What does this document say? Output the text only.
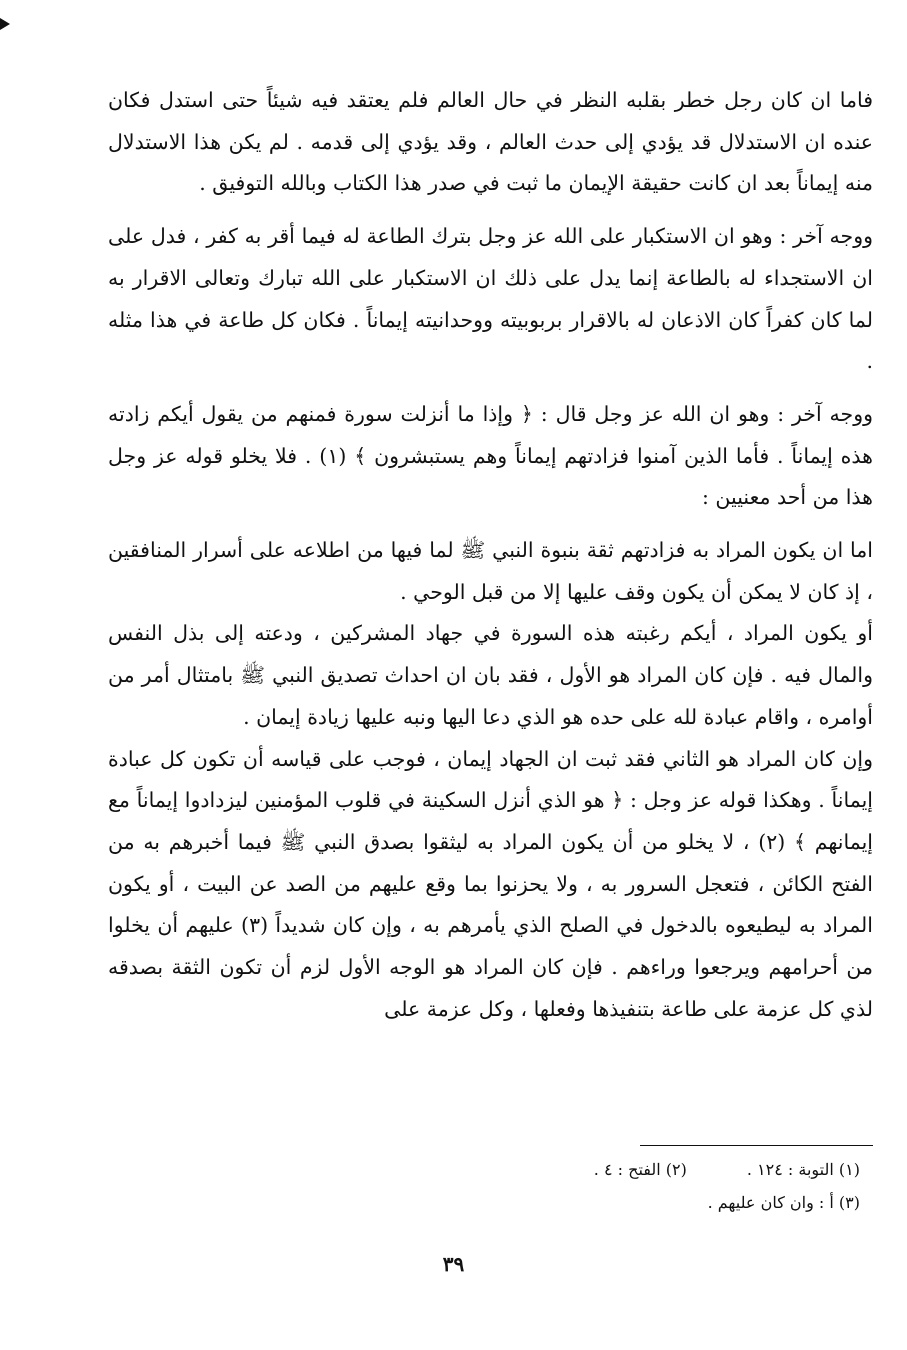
فاما ان كان رجل خطر بقلبه النظر في حال العالم فلم يعتقد فيه شيئاً حتى استدل فكان عنده ان الاستدلال قد يؤدي إلى حدث العالم ، وقد يؤدي إلى قدمه . لم يكن هذا الاستدلال منه إيماناً بعد ان كانت حقيقة الإيمان ما ثبت في صدر هذا الكتاب وبالله التوفيق .

ووجه آخر : وهو ان الاستكبار على الله عز وجل بترك الطاعة له فيما أقر به كفر ، فدل على ان الاستجداء له بالطاعة إنما يدل على ذلك ان الاستكبار على الله تبارك وتعالى الاقرار به لما كان كفراً كان الاذعان له بالاقرار بربوبيته ووحدانيته إيماناً . فكان كل طاعة في هذا مثله .

ووجه آخر : وهو ان الله عز وجل قال : ﴿ وإذا ما أنزلت سورة فمنهم من يقول أيكم زادته هذه إيماناً . فأما الذين آمنوا فزادتهم إيماناً وهم يستبشرون ﴾ (١) . فلا يخلو قوله عز وجل هذا من أحد معنيين :

اما ان يكون المراد به فزادتهم ثقة بنبوة النبي ﷺ لما فيها من اطلاعه على أسرار المنافقين ، إذ كان لا يمكن أن يكون وقف عليها إلا من قبل الوحي .

أو يكون المراد ، أيكم رغبته هذه السورة في جهاد المشركين ، ودعته إلى بذل النفس والمال فيه . فإن كان المراد هو الأول ، فقد بان ان احداث تصديق النبي ﷺ بامتثال أمر من أوامره ، واقام عبادة لله على حده هو الذي دعا اليها ونبه عليها زيادة إيمان .

وإن كان المراد هو الثاني فقد ثبت ان الجهاد إيمان ، فوجب على قياسه أن تكون كل عبادة إيماناً . وهكذا قوله عز وجل : ﴿ هو الذي أنزل السكينة في قلوب المؤمنين ليزدادوا إيماناً مع إيمانهم ﴾ (٢) ، لا يخلو من أن يكون المراد به ليثقوا بصدق النبي ﷺ فيما أخبرهم به من الفتح الكائن ، فتعجل السرور به ، ولا يحزنوا بما وقع عليهم من الصد عن البيت ، أو يكون المراد به ليطيعوه بالدخول في الصلح الذي يأمرهم به ، وإن كان شديداً (٣) عليهم أن يخلوا من أحرامهم ويرجعوا وراءهم . فإن كان المراد هو الوجه الأول لزم أن تكون الثقة بصدقه لذي كل عزمة على طاعة بتنفيذها وفعلها ، وكل عزمة على

(١) التوبة : ١٢٤ .
(٢) الفتح : ٤ .
(٣) أ : وان كان عليهم .
٣٩
